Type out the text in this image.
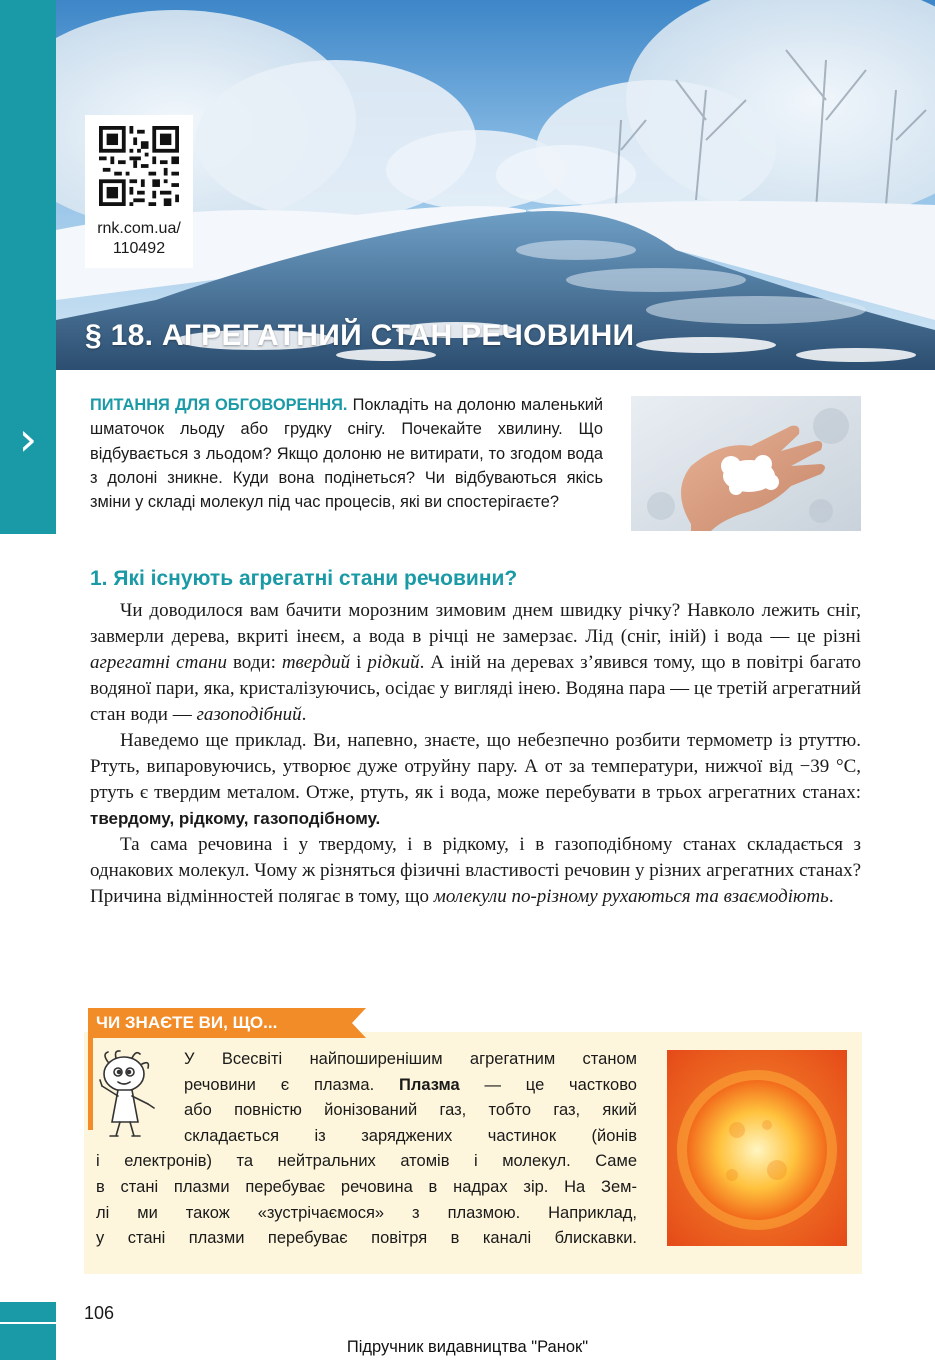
›
rnk.com.ua/
110492
§ 18. АГРЕГАТНИЙ СТАН РЕЧОВИНИ

ПИТАННЯ ДЛЯ ОБГОВОРЕННЯ. Покладіть на долоню маленький шматочок льоду або грудку снігу. Почекайте хвилину. Що відбувається з льодом? Якщо долоню не витирати, то згодом вода з долоні зникне. Куди вона подінеться? Чи відбуваються якісь зміни у складі молекул під час процесів, які ви спостерігаєте?

1. Які існують агрегатні стани речовини?

Чи доводилося вам бачити морозним зимовим днем швидку річку? Навколо лежить сніг, завмерли дерева, вкриті інеєм, а вода в річці не замерзає. Лід (сніг, іній) і вода — це різні агрегатні стани води: твердий і рідкий. А іній на деревах з’явився тому, що в повітрі багато водяної пари, яка, кристалізуючись, осідає у вигляді інею. Водяна пара — це третій агрегатний стан води — газоподібний.

Наведемо ще приклад. Ви, напевно, знаєте, що небезпечно розбити термометр із ртуттю. Ртуть, випаровуючись, утворює дуже отруйну пару. А от за температури, нижчої від −39 °С, ртуть є твердим металом. Отже, ртуть, як і вода, може перебувати в трьох агрегатних станах: твердому, рідкому, газоподібному.

Та сама речовина і у твердому, і в рідкому, і в газоподібному станах складається з однакових молекул. Чому ж різняться фізичні властивості речовин у різних агрегатних станах? Причина відмінностей полягає в тому, що молекули по-різному рухаються та взаємодіють.

ЧИ ЗНАЄТЕ ВИ, ЩО...

У Всесвіті найпоширенішим агрегатним станом
речовини є плазма. Плазма — це частково
або повністю йонізований газ, тобто газ, який
складається із заряджених частинок (йонів
і електронів) та нейтральних атомів і молекул. Саме
в стані плазми перебуває речовина в надрах зір. На Зем-
лі ми також «зустрічаємося» з плазмою. Наприклад,
у стані плазми перебуває повітря в каналі блискавки.

106
Підручник видавництва "Ранок"
